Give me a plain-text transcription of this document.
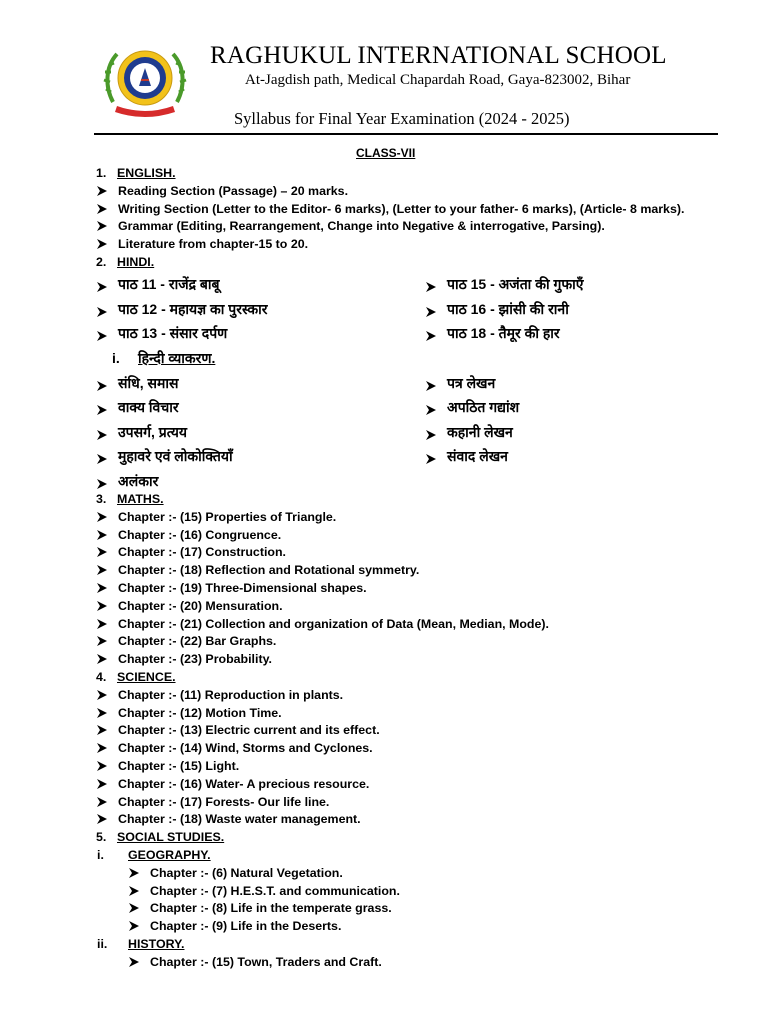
RAGHUKUL INTERNATIONAL SCHOOL
At-Jagdish path, Medical Chapardah Road, Gaya-823002, Bihar
Syllabus for Final Year Examination (2024 - 2025)
CLASS-VII
1. ENGLISH.
Reading Section (Passage) – 20 marks.
Writing Section (Letter to the Editor- 6 marks), (Letter to your father- 6 marks), (Article- 8 marks).
Grammar (Editing, Rearrangement, Change into Negative & interrogative, Parsing).
Literature from chapter-15 to 20.
2. HINDI.
पाठ 11 - राजेंद्र बाबू	पाठ 15 - अजंता की गुफाएँ
पाठ 12 - महायज्ञ का पुरस्कार	पाठ 16 - झांसी की रानी
पाठ 13 - संसार दर्पण	पाठ 18 - तैमूर की हार
i. हिन्दी व्याकरण.
संधि, समास	पत्र लेखन
वाक्य विचार	अपठित गद्यांश
उपसर्ग, प्रत्यय	कहानी लेखन
मुहावरे एवं लोकोक्तियाँ	संवाद लेखन
अलंकार
3. MATHS.
Chapter :- (15) Properties of Triangle.
Chapter :- (16) Congruence.
Chapter :- (17) Construction.
Chapter :- (18) Reflection and Rotational symmetry.
Chapter :- (19) Three-Dimensional shapes.
Chapter :- (20) Mensuration.
Chapter :- (21) Collection and organization of Data (Mean, Median, Mode).
Chapter :- (22) Bar Graphs.
Chapter :- (23) Probability.
4. SCIENCE.
Chapter :- (11) Reproduction in plants.
Chapter :- (12) Motion Time.
Chapter :- (13) Electric current and its effect.
Chapter :- (14) Wind, Storms and Cyclones.
Chapter :- (15) Light.
Chapter :- (16) Water- A precious resource.
Chapter :- (17) Forests- Our life line.
Chapter :- (18) Waste water management.
5. SOCIAL STUDIES.
i. GEOGRAPHY.
Chapter :- (6) Natural Vegetation.
Chapter :- (7) H.E.S.T. and communication.
Chapter :- (8) Life in the temperate grass.
Chapter :- (9) Life in the Deserts.
ii. HISTORY.
Chapter :- (15) Town, Traders and Craft.
